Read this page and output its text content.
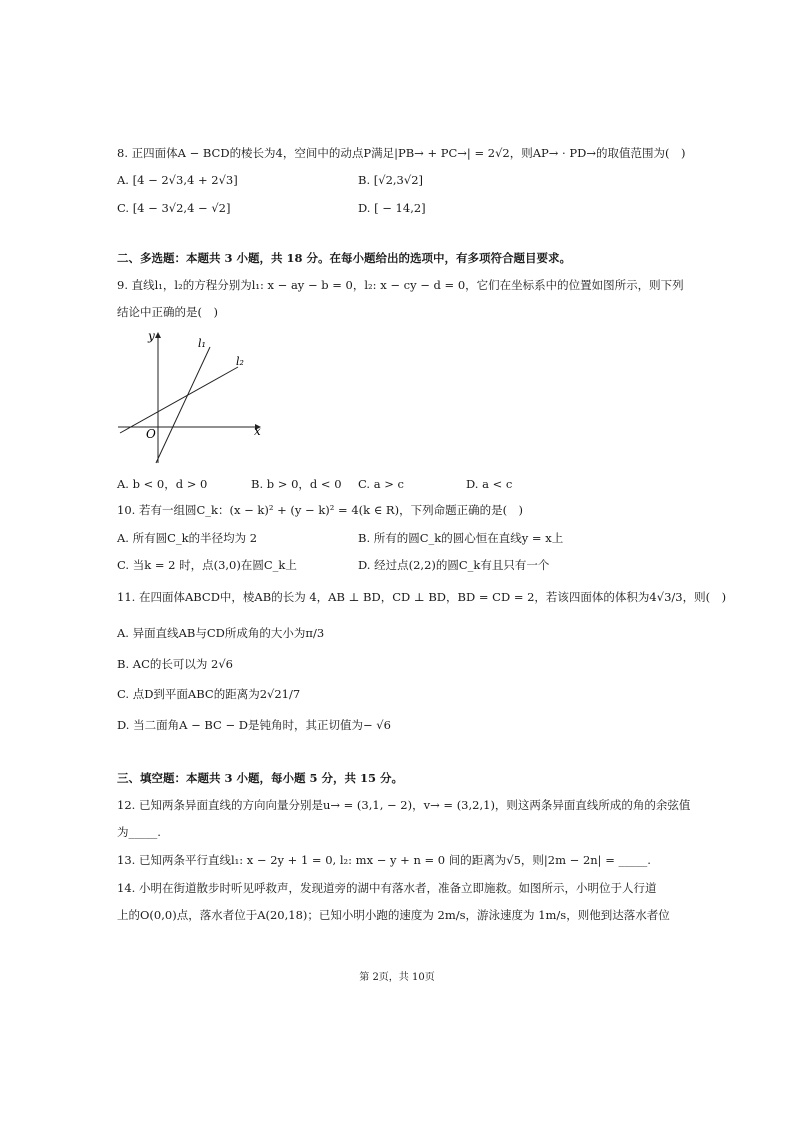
8. 正四面体A − BCD的棱长为4，空间中的动点P满足|PB→ + PC→| = 2√2，则AP→ · PD→的取值范围为(　)
A. [4 − 2√3,4 + 2√3]	B. [√2,3√2]
C. [4 − 3√2,4 − √2]	D. [ − 14,2]
二、多选题：本题共 3 小题，共 18 分。在每小题给出的选项中，有多项符合题目要求。
9. 直线l₁，l₂的方程分别为l₁: x − ay − b = 0，l₂: x − cy − d = 0，它们在坐标系中的位置如图所示，则下列
结论中正确的是(　)
y
x
O
l₁
l₂
A. b < 0，d > 0	B. b > 0，d < 0 C. a > c	D. a < c
10. 若有一组圆C_k：(x − k)² + (y − k)² = 4(k ∈ R)，下列命题正确的是(　)
A. 所有圆C_k的半径均为 2	B. 所有的圆C_k的圆心恒在直线y = x上
C. 当k = 2 时，点(3,0)在圆C_k上	D. 经过点(2,2)的圆C_k有且只有一个
11. 在四面体ABCD中，棱AB的长为 4，AB ⊥ BD，CD ⊥ BD，BD = CD = 2，若该四面体的体积为4√3/3，则(　)
A. 异面直线AB与CD所成角的大小为π/3
B. AC的长可以为 2√6
C. 点D到平面ABC的距离为2√21/7
D. 当二面角A − BC − D是钝角时，其正切值为− √6
三、填空题：本题共 3 小题，每小题 5 分，共 15 分。
12. 已知两条异面直线的方向向量分别是u→ = (3,1, − 2)，v→ = (3,2,1)，则这两条异面直线所成的角的余弦值
为_____.
13. 已知两条平行直线l₁: x − 2y + 1 = 0, l₂: mx − y + n = 0 间的距离为√5，则|2m − 2n| = _____.
14. 小明在街道散步时听见呼救声，发现道旁的湖中有落水者，准备立即施救。如图所示，小明位于人行道
上的O(0,0)点，落水者位于A(20,18)；已知小明小跑的速度为 2m/s，游泳速度为 1m/s，则他到达落水者位
第 2页，共 10页
